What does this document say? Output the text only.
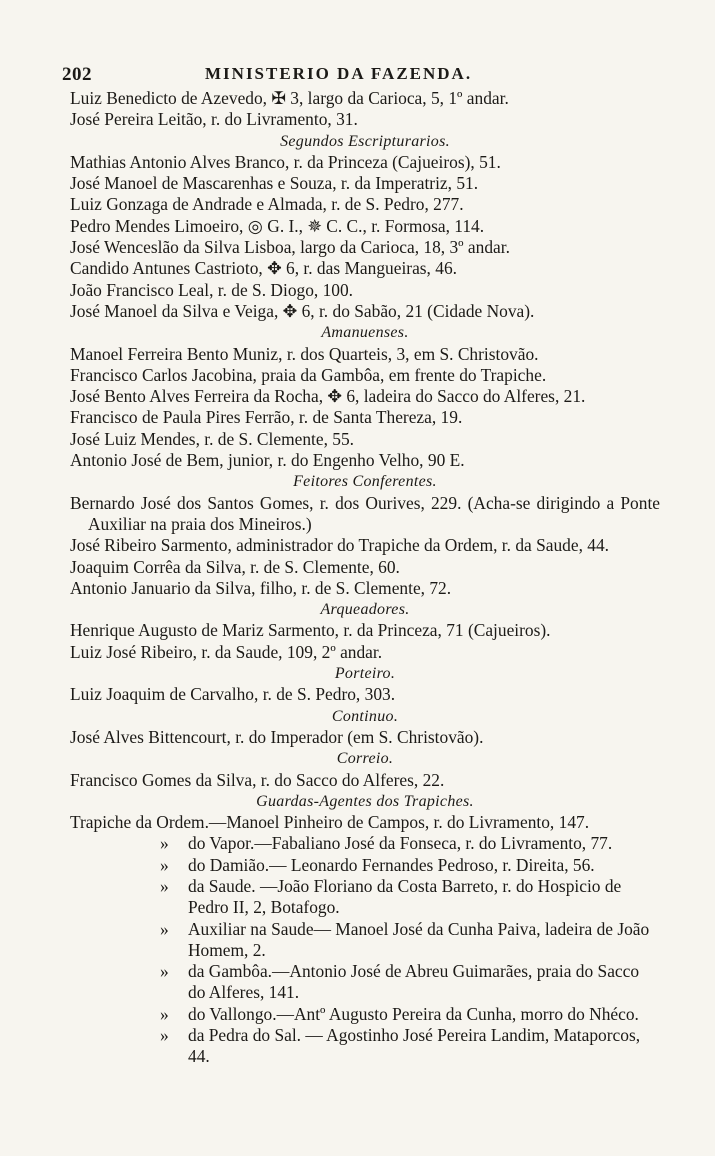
202	MINISTERIO DA FAZENDA.
Luiz Benedicto de Azevedo, ✠ 3, largo da Carioca, 5, 1º andar.
José Pereira Leitão, r. do Livramento, 31.
Segundos Escripturarios.
Mathias Antonio Alves Branco, r. da Princeza (Cajueiros), 51.
José Manoel de Mascarenhas e Souza, r. da Imperatriz, 51.
Luiz Gonzaga de Andrade e Almada, r. de S. Pedro, 277.
Pedro Mendes Limoeiro, ◎ G. I., ✵ C. C., r. Formosa, 114.
José Wenceslão da Silva Lisboa, largo da Carioca, 18, 3º andar.
Candido Antunes Castrioto, ✥ 6, r. das Mangueiras, 46.
João Francisco Leal, r. de S. Diogo, 100.
José Manoel da Silva e Veiga, ✥ 6, r. do Sabão, 21 (Cidade Nova).
Amanuenses.
Manoel Ferreira Bento Muniz, r. dos Quarteis, 3, em S. Christovão.
Francisco Carlos Jacobina, praia da Gambôa, em frente do Trapiche.
José Bento Alves Ferreira da Rocha, ✥ 6, ladeira do Sacco do Alferes, 21.
Francisco de Paula Pires Ferrão, r. de Santa Thereza, 19.
José Luiz Mendes, r. de S. Clemente, 55.
Antonio José de Bem, junior, r. do Engenho Velho, 90 E.
Feitores Conferentes.
Bernardo José dos Santos Gomes, r. dos Ourives, 229. (Acha-se dirigindo a Ponte Auxiliar na praia dos Mineiros.)
José Ribeiro Sarmento, administrador do Trapiche da Ordem, r. da Saude, 44.
Joaquim Corrêa da Silva, r. de S. Clemente, 60.
Antonio Januario da Silva, filho, r. de S. Clemente, 72.
Arqueadores.
Henrique Augusto de Mariz Sarmento, r. da Princeza, 71 (Cajueiros).
Luiz José Ribeiro, r. da Saude, 109, 2º andar.
Porteiro.
Luiz Joaquim de Carvalho, r. de S. Pedro, 303.
Continuo.
José Alves Bittencourt, r. do Imperador (em S. Christovão).
Correio.
Francisco Gomes da Silva, r. do Sacco do Alferes, 22.
Guardas-Agentes dos Trapiches.
Trapiche da Ordem.—Manoel Pinheiro de Campos, r. do Livramento, 147.
» do Vapor.—Fabaliano José da Fonseca, r. do Livramento, 77.
» do Damião.— Leonardo Fernandes Pedroso, r. Direita, 56.
» da Saude. —João Floriano da Costa Barreto, r. do Hospicio de Pedro II, 2, Botafogo.
» Auxiliar na Saude— Manoel José da Cunha Paiva, ladeira de João Homem, 2.
» da Gambôa.—Antonio José de Abreu Guimarães, praia do Sacco do Alferes, 141.
» do Vallongo.—Antº Augusto Pereira da Cunha, morro do Nhéco.
» da Pedra do Sal. — Agostinho José Pereira Landim, Mataporcos, 44.
